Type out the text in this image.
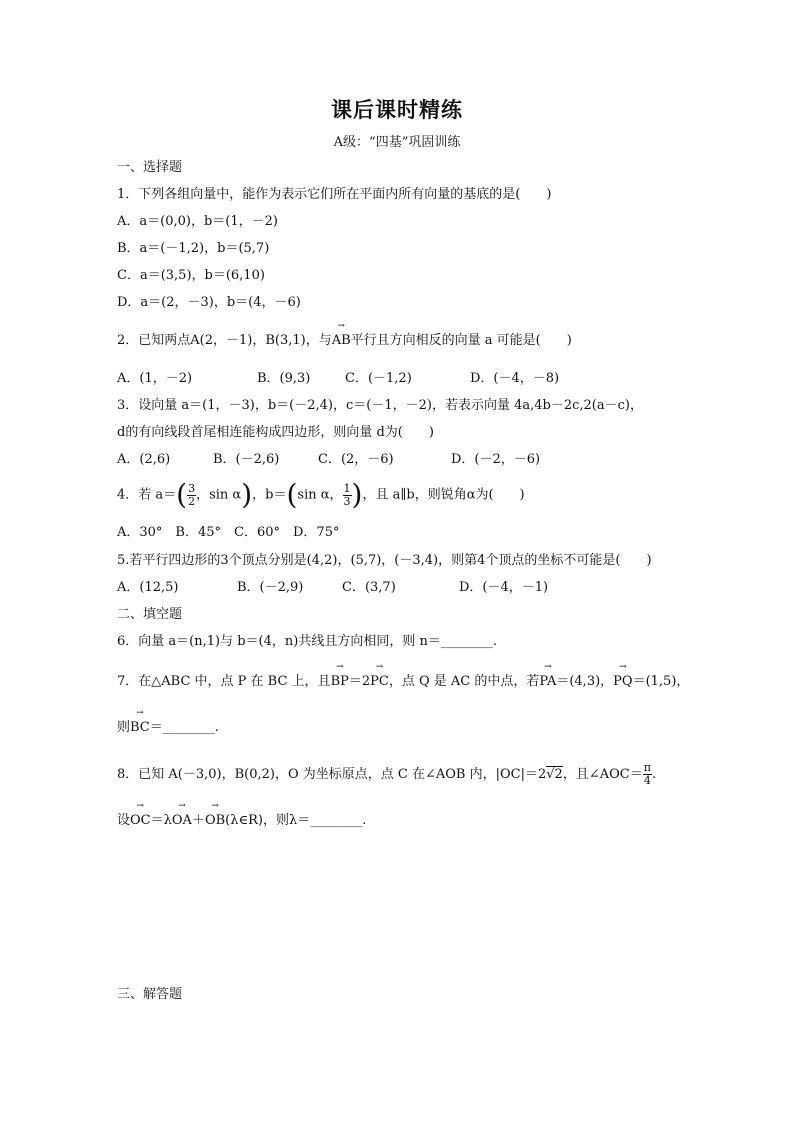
课后课时精练
A级：“四基”巩固训练
一、选择题
1．下列各组向量中，能作为表示它们所在平面内所有向量的基底的是(　　)
A．a＝(0,0)，b＝(1，－2)
B．a＝(－1,2)，b＝(5,7)
C．a＝(3,5)，b＝(6,10)
D．a＝(2，－3)，b＝(4，－6)
2．已知两点A(2，－1)，B(3,1)，与→ AB平行且方向相反的向量 a 可能是(　　)
A．(1，－2)	B．(9,3)	C．(－1,2)	D．(－4，－8)
3．设向量 a＝(1，－3)，b＝(－2,4)，c＝(－1，－2)，若表示向量 4a,4b－2c,2(a－c)，
d的有向线段首尾相连能构成四边形，则向量 d为(　　)
A．(2,6)	B．(－2,6)	C．(2，－6)	D．(－2，－6)
4．若 $a=( \frac{3}{2}$ ，sin α)，b＝(sin α， $\frac{1}{3}$ )，且 a∥b，则锐角α为(　　)
A．30°　B．45°　C．60°　D．75°
5.若平行四边形的3个顶点分别是(4,2)，(5,7)，(－3,4)，则第4个顶点的坐标不可能是(　　)
A．(12,5)	B．(－2,9)	C．(3,7)	D．(－4，－1)
二、填空题
6．向量 a＝(n,1)与 b＝(4，n)共线且方向相同，则 n＝________.
7．在△ABC 中，点 P 在 BC 上，且→ BP＝2→ PC，点 Q 是 AC 的中点，若→ PA＝(4,3)，→ PQ＝(1,5)，
则→ BC＝________.
8．已知 A(－3,0)，B(0,2)，O 为坐标原点，点 C 在∠AOB 内，|OC|＝2√2，且∠AOC＝ $\frac{\pi}{4}$ .
设→ OC＝λ→ OA＋→ OB(λ∈R)，则λ＝________.
三、解答题
